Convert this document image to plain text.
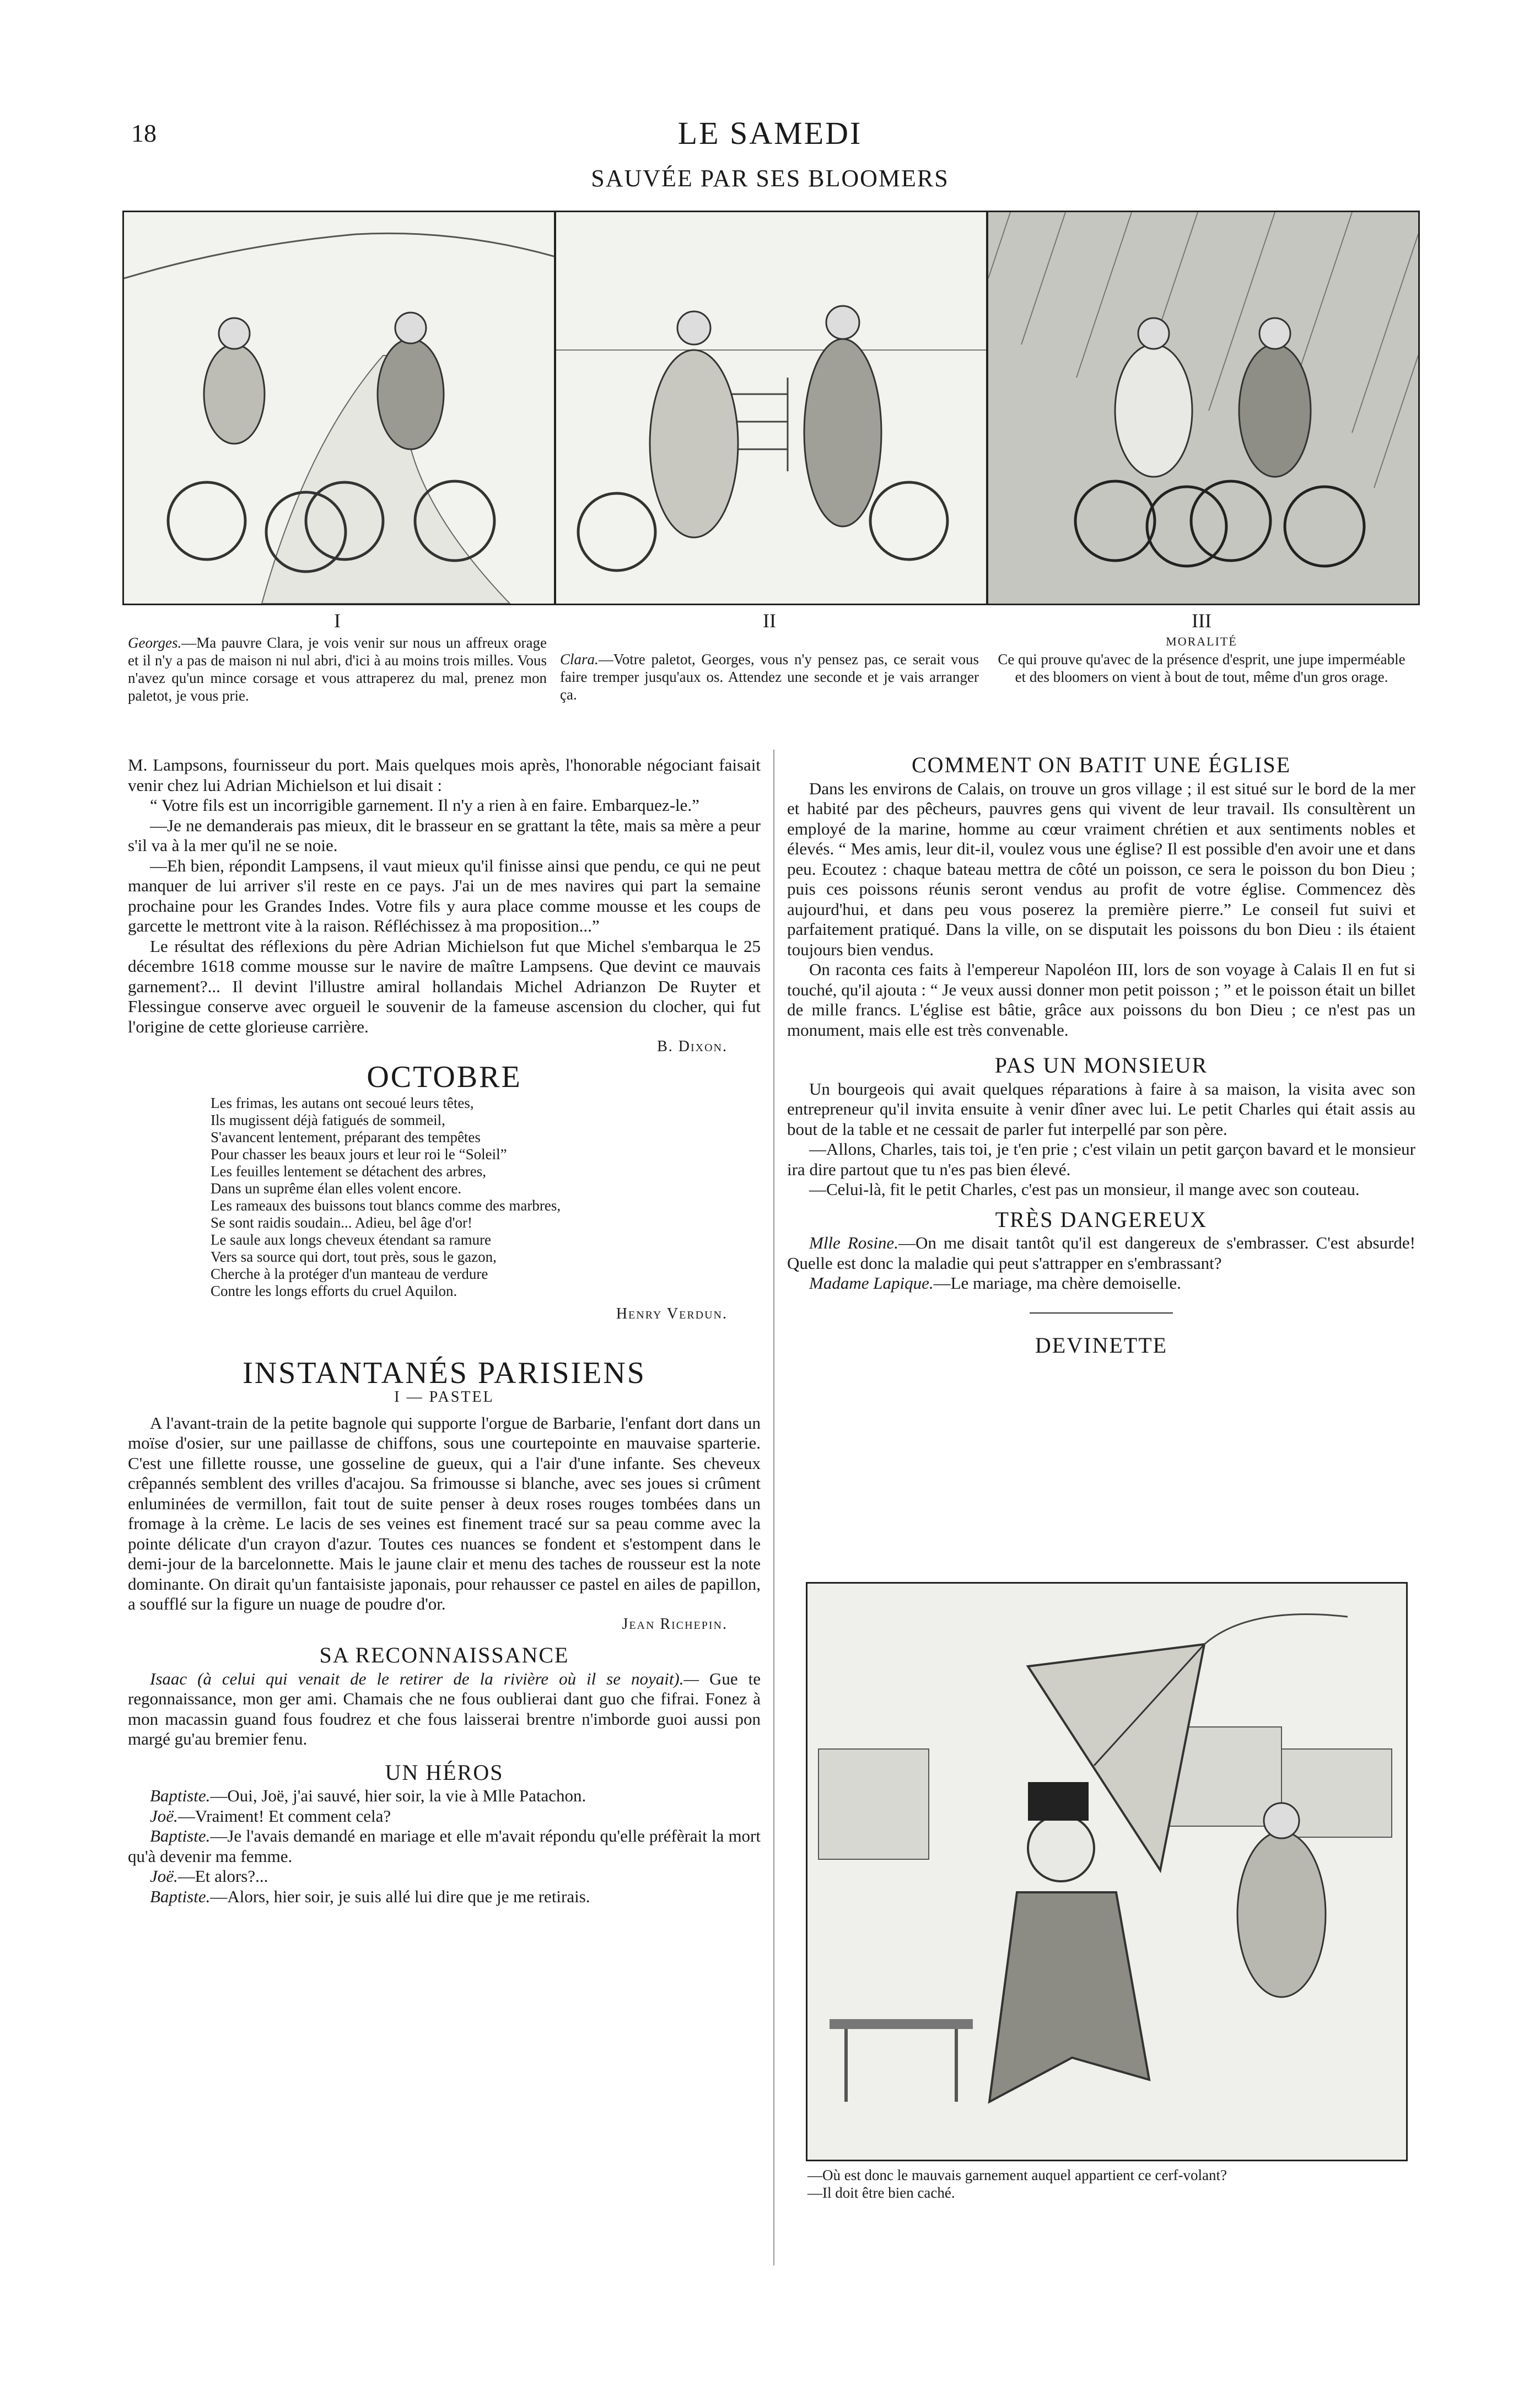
18	LE SAMEDI
SAUVÉE PAR SES BLOOMERS
I
Georges.—Ma pauvre Clara, je vois venir sur nous un affreux orage et il n'y a pas de maison ni nul abri, d'ici à au moins trois milles. Vous n'avez qu'un mince corsage et vous attraperez du mal, prenez mon paletot, je vous prie.
II
Clara.—Votre paletot, Georges, vous n'y pensez pas, ce serait vous faire tremper jusqu'aux os. Attendez une seconde et je vais arranger ça.
III
MORALITÉ
Ce qui prouve qu'avec de la présence d'esprit, une jupe imperméable et des bloomers on vient à bout de tout, même d'un gros orage.

M. Lampsons, fournisseur du port. Mais quelques mois après, l'honorable négociant faisait venir chez lui Adrian Michielson et lui disait :

“ Votre fils est un incorrigible garnement. Il n'y a rien à en faire. Embarquez-le.”

—Je ne demanderais pas mieux, dit le brasseur en se grattant la tête, mais sa mère a peur s'il va à la mer qu'il ne se noie.

—Eh bien, répondit Lampsens, il vaut mieux qu'il finisse ainsi que pendu, ce qui ne peut manquer de lui arriver s'il reste en ce pays. J'ai un de mes navires qui part la semaine prochaine pour les Grandes Indes. Votre fils y aura place comme mousse et les coups de garcette le mettront vite à la raison. Réfléchissez à ma proposition...”

Le résultat des réflexions du père Adrian Michielson fut que Michel s'embarqua le 25 décembre 1618 comme mousse sur le navire de maître Lampsens. Que devint ce mauvais garnement?... Il devint l'illustre amiral hollandais Michel Adrianzon De Ruyter et Flessingue conserve avec orgueil le souvenir de la fameuse ascension du clocher, qui fut l'origine de cette glorieuse carrière.

B. Dixon.
OCTOBRE
Les frimas, les autans ont secoué leurs têtes,
Ils mugissent déjà fatigués de sommeil,
S'avancent lentement, préparant des tempêtes
Pour chasser les beaux jours et leur roi le “Soleil”
Les feuilles lentement se détachent des arbres,
Dans un suprême élan elles volent encore.
Les rameaux des buissons tout blancs comme des marbres,
Se sont raidis soudain... Adieu, bel âge d'or!
Le saule aux longs cheveux étendant sa ramure
Vers sa source qui dort, tout près, sous le gazon,
Cherche à la protéger d'un manteau de verdure
Contre les longs efforts du cruel Aquilon.
Henry Verdun.
INSTANTANÉS PARISIENS
I — PASTEL

A l'avant-train de la petite bagnole qui supporte l'orgue de Barbarie, l'enfant dort dans un moïse d'osier, sur une paillasse de chiffons, sous une courtepointe en mauvaise sparterie. C'est une fillette rousse, une gosseline de gueux, qui a l'air d'une infante. Ses cheveux crêpannés semblent des vrilles d'acajou. Sa frimousse si blanche, avec ses joues si crûment enluminées de vermillon, fait tout de suite penser à deux roses rouges tombées dans un fromage à la crème. Le lacis de ses veines est finement tracé sur sa peau comme avec la pointe délicate d'un crayon d'azur. Toutes ces nuances se fondent et s'estompent dans le demi-jour de la barcelonnette. Mais le jaune clair et menu des taches de rousseur est la note dominante. On dirait qu'un fantaisiste japonais, pour rehausser ce pastel en ailes de papillon, a soufflé sur la figure un nuage de poudre d'or.

Jean Richepin.
SA RECONNAISSANCE

Isaac (à celui qui venait de le retirer de la rivière où il se noyait).— Gue te regonnaissance, mon ger ami. Chamais che ne fous oublierai dant guo che fifrai. Fonez à mon macassin guand fous foudrez et che fous laisserai brentre n'imborde guoi aussi pon margé gu'au bremier fenu.

UN HÉROS

Baptiste.—Oui, Joë, j'ai sauvé, hier soir, la vie à Mlle Patachon.

Joë.—Vraiment! Et comment cela?

Baptiste.—Je l'avais demandé en mariage et elle m'avait répondu qu'elle préfèrait la mort qu'à devenir ma femme.

Joë.—Et alors?...

Baptiste.—Alors, hier soir, je suis allé lui dire que je me retirais.

COMMENT ON BATIT UNE ÉGLISE

Dans les environs de Calais, on trouve un gros village ; il est situé sur le bord de la mer et habité par des pêcheurs, pauvres gens qui vivent de leur travail. Ils consultèrent un employé de la marine, homme au cœur vraiment chrétien et aux sentiments nobles et élevés. “ Mes amis, leur dit-il, voulez vous une église? Il est possible d'en avoir une et dans peu. Ecoutez : chaque bateau mettra de côté un poisson, ce sera le poisson du bon Dieu ; puis ces poissons réunis seront vendus au profit de votre église. Commencez dès aujourd'hui, et dans peu vous poserez la première pierre.” Le conseil fut suivi et parfaitement pratiqué. Dans la ville, on se disputait les poissons du bon Dieu : ils étaient toujours bien vendus.

On raconta ces faits à l'empereur Napoléon III, lors de son voyage à Calais Il en fut si touché, qu'il ajouta : “ Je veux aussi donner mon petit poisson ; ” et le poisson était un billet de mille francs. L'église est bâtie, grâce aux poissons du bon Dieu ; ce n'est pas un monument, mais elle est très convenable.

PAS UN MONSIEUR

Un bourgeois qui avait quelques réparations à faire à sa maison, la visita avec son entrepreneur qu'il invita ensuite à venir dîner avec lui. Le petit Charles qui était assis au bout de la table et ne cessait de parler fut interpellé par son père.

—Allons, Charles, tais toi, je t'en prie ; c'est vilain un petit garçon bavard et le monsieur ira dire partout que tu n'es pas bien élevé.

—Celui-là, fit le petit Charles, c'est pas un monsieur, il mange avec son couteau.

TRÈS DANGEREUX

Mlle Rosine.—On me disait tantôt qu'il est dangereux de s'embrasser. C'est absurde! Quelle est donc la maladie qui peut s'attrapper en s'embrassant?

Madame Lapique.—Le mariage, ma chère demoiselle.

DEVINETTE
—Où est donc le mauvais garnement auquel appartient ce cerf-volant?
—Il doit être bien caché.
